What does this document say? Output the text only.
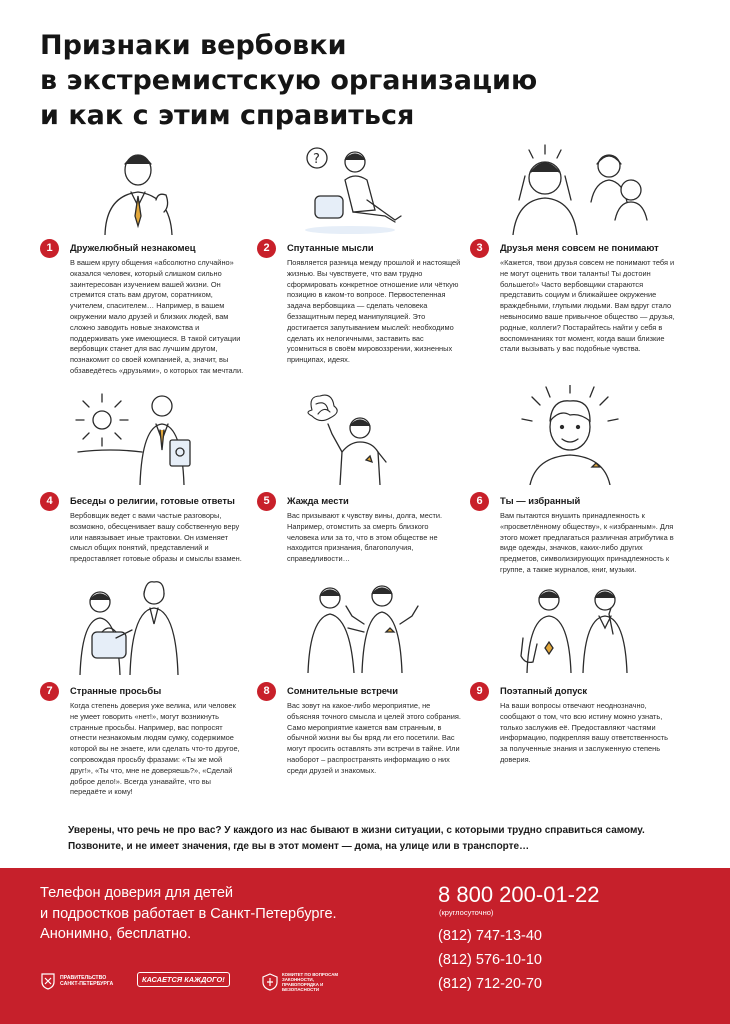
Признаки вербовки
в экстремистскую организацию
и как с этим справиться
?
1	Дружелюбный незнакомец
В вашем кругу общения «абсолютно случайно» оказался человек, который слишком сильно заинтересован изучением вашей жизни. Он стремится стать вам другом, соратником, учителем, спасителем… Например, в вашем окружении мало друзей и близких людей, вам сложно заводить новые знакомства и поддерживать уже имеющиеся. В такой ситуации вербовщик станет для вас лучшим другом, познакомит со своей компанией, а, значит, вы обзаведётесь «друзьями», о которых так мечтали.
2	Спутанные мысли
Появляется разница между прошлой и настоящей жизнью. Вы чувствуете, что вам трудно сформировать конкретное отношение или чёткую позицию в каком-то вопросе. Первостепенная задача вербовщика — сделать человека беззащитным перед манипуляцией. Это достигается запутыванием мыслей: необходимо сделать их нелогичными, заставить вас усомниться в своём мировоззрении, жизненных принципах, идеях.
3	Друзья меня совсем не понимают
«Кажется, твои друзья совсем не понимают тебя и не могут оценить твои таланты! Ты достоин большего!» Часто вербовщики стараются представить социум и ближайшее окружение враждебными, глупыми людьми. Вам вдруг стало невыносимо ваше привычное общество — друзья, родные, коллеги? Постарайтесь найти у себя в воспоминаниях тот момент, когда ваши близкие стали вызывать у вас подобные чувства.
4	Беседы о религии, готовые ответы
Вербовщик ведет с вами частые разговоры, возможно, обесценивает вашу собственную веру или навязывает иные трактовки. Он изменяет смысл общих понятий, представлений и предоставляет готовые образы и смыслы взамен.
5	Жажда мести
Вас призывают к чувству вины, долга, мести. Например, отомстить за смерть близкого человека или за то, что в этом обществе не находится признания, благополучия, справедливости…
6	Ты — избранный
Вам пытаются внушить принадлежность к «просветлённому обществу», к «избранным». Для этого может предлагаться различная атрибутика в виде одежды, значков, каких-либо других предметов, символизирующих принадлежность к группе, а также журналов, книг, музыки.
7	Странные просьбы
Когда степень доверия уже велика, или человек не умеет говорить «нет!», могут возникнуть странные просьбы. Например, вас попросят отнести незнакомым людям сумку, содержимое которой вы не знаете, или сделать что-то другое, сопровождая просьбу фразами: «Ты же мой друг!», «Ты что, мне не доверяешь?», «Сделай доброе дело!». Всегда узнавайте, что вы передаёте и кому!
8	Сомнительные встречи
Вас зовут на какое-либо мероприятие, не объясняя точного смысла и целей этого собрания. Само мероприятие кажется вам странным, в обычной жизни вы бы вряд ли его посетили. Вас могут просить оставлять эти встречи в тайне. Или наоборот – распространять информацию о них среди друзей и знакомых.
9	Поэтапный допуск
На ваши вопросы отвечают неоднозначно, сообщают о том, что всю истину можно узнать, только заслужив её. Предоставляют частями информацию, подкрепляя вашу ответственность за полученные знания и заслуженную степень доверия.
Уверены, что речь не про вас? У каждого из нас бывают в жизни ситуации, с которыми трудно справиться самому.
Позвоните, и не имеет значения, где вы в этот момент — дома, на улице или в транспорте…
Телефон доверия для детей
и подростков работает в Санкт-Петербурге.
Анонимно, бесплатно.
8 800 200-01-22
(круглосуточно)
(812) 747-13-40
(812) 576-10-10
(812) 712-20-70
ПРАВИТЕЛЬСТВО САНКТ-ПЕТЕРБУРГА	КАСАЕТСЯ КАЖДОГО!
КОМИТЕТ ПО ВОПРОСАМ ЗАКОННОСТИ, ПРАВОПОРЯДКА И БЕЗОПАСНОСТИ
